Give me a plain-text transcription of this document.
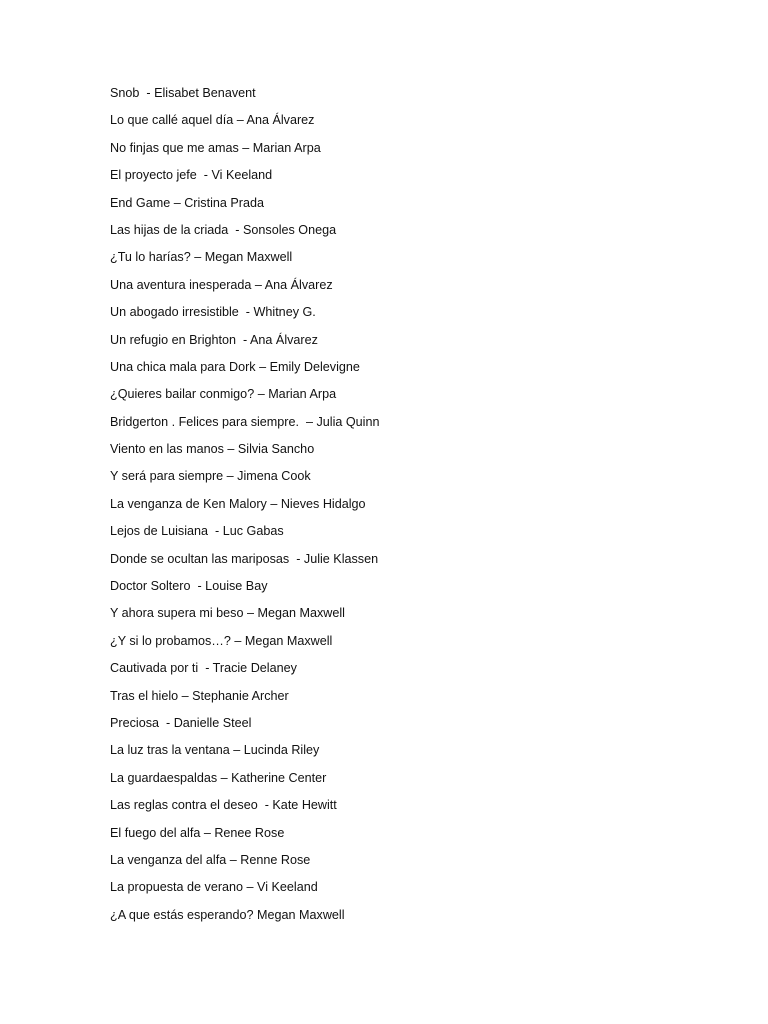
Snob  - Elisabet Benavent
Lo que callé aquel día – Ana Álvarez
No finjas que me amas – Marian Arpa
El proyecto jefe  - Vi Keeland
End Game – Cristina Prada
Las hijas de la criada  - Sonsoles Onega
¿Tu lo harías? – Megan Maxwell
Una aventura inesperada – Ana Álvarez
Un abogado irresistible  - Whitney G.
Un refugio en Brighton  - Ana Álvarez
Una chica mala para Dork – Emily Delevigne
¿Quieres bailar conmigo? – Marian Arpa
Bridgerton . Felices para siempre.  – Julia Quinn
Viento en las manos – Silvia Sancho
Y será para siempre – Jimena Cook
La venganza de Ken Malory – Nieves Hidalgo
Lejos de Luisiana  - Luc Gabas
Donde se ocultan las mariposas  - Julie Klassen
Doctor Soltero  - Louise Bay
Y ahora supera mi beso – Megan Maxwell
¿Y si lo probamos…? – Megan Maxwell
Cautivada por ti  - Tracie Delaney
Tras el hielo – Stephanie Archer
Preciosa  - Danielle Steel
La luz tras la ventana – Lucinda Riley
La guardaespaldas – Katherine Center
Las reglas contra el deseo  - Kate Hewitt
El fuego del alfa – Renee Rose
La venganza del alfa – Renne Rose
La propuesta de verano – Vi Keeland
¿A que estás esperando? Megan Maxwell
